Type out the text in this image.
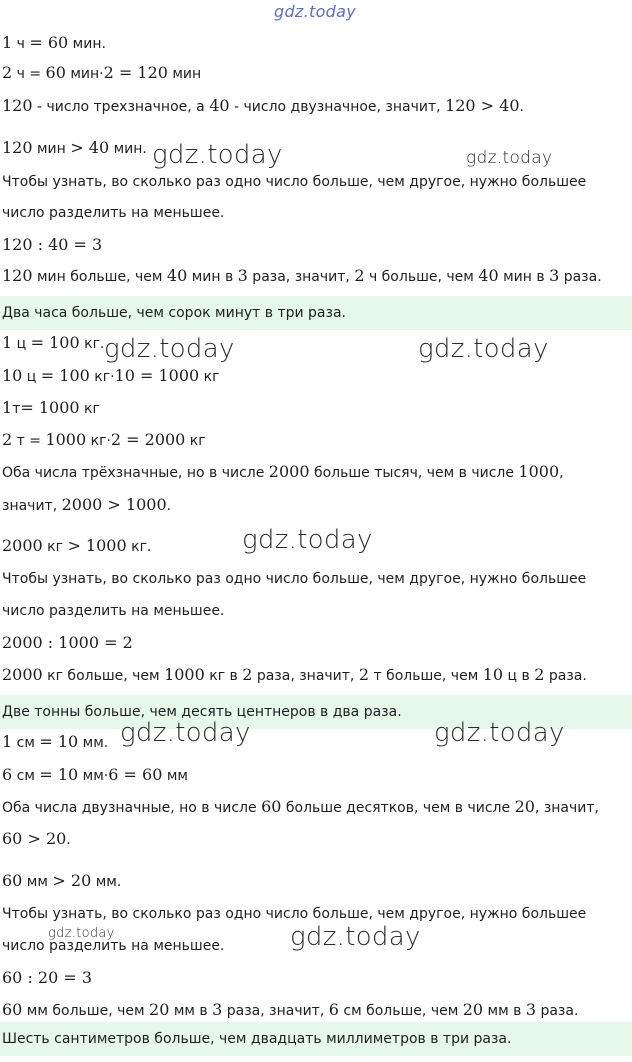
1 ч = 60 мин.
2 ч = 60 мин·2 = 120 мин
120 - число трехзначное, а 40 - число двузначное, значит, 120 > 40.
120 мин > 40 мин.
Чтобы узнать, во сколько раз одно число больше, чем другое, нужно большее
число разделить на меньшее.
120 : 40 = 3
120 мин больше, чем 40 мин в 3 раза, значит, 2 ч больше, чем 40 мин в 3 раза.
Два часа больше, чем сорок минут в три раза.
1 ц = 100 кг.
10 ц = 100 кг·10 = 1000 кг
1т= 1000 кг
2 т = 1000 кг·2 = 2000 кг
Оба числа трёхзначные, но в числе 2000 больше тысяч, чем в числе 1000,
значит, 2000 > 1000.
2000 кг > 1000 кг.
Чтобы узнать, во сколько раз одно число больше, чем другое, нужно большее
число разделить на меньшее.
2000 : 1000 = 2
2000 кг больше, чем 1000 кг в 2 раза, значит, 2 т больше, чем 10 ц в 2 раза.
Две тонны больше, чем десять центнеров в два раза.
1 см = 10 мм.
6 см = 10 мм·6 = 60 мм
Оба числа двузначные, но в числе 60 больше десятков, чем в числе 20, значит,
60 > 20.
60 мм > 20 мм.
Чтобы узнать, во сколько раз одно число больше, чем другое, нужно большее
число разделить на меньшее.
60 : 20 = 3
60 мм больше, чем 20 мм в 3 раза, значит, 6 см больше, чем 20 мм в 3 раза.
Шесть сантиметров больше, чем двадцать миллиметров в три раза.
gdz.today
gdz.today	gdz.today
gdz.today	gdz.today
gdz.today
gdz.today	gdz.today
gdz.today	gdz.today
